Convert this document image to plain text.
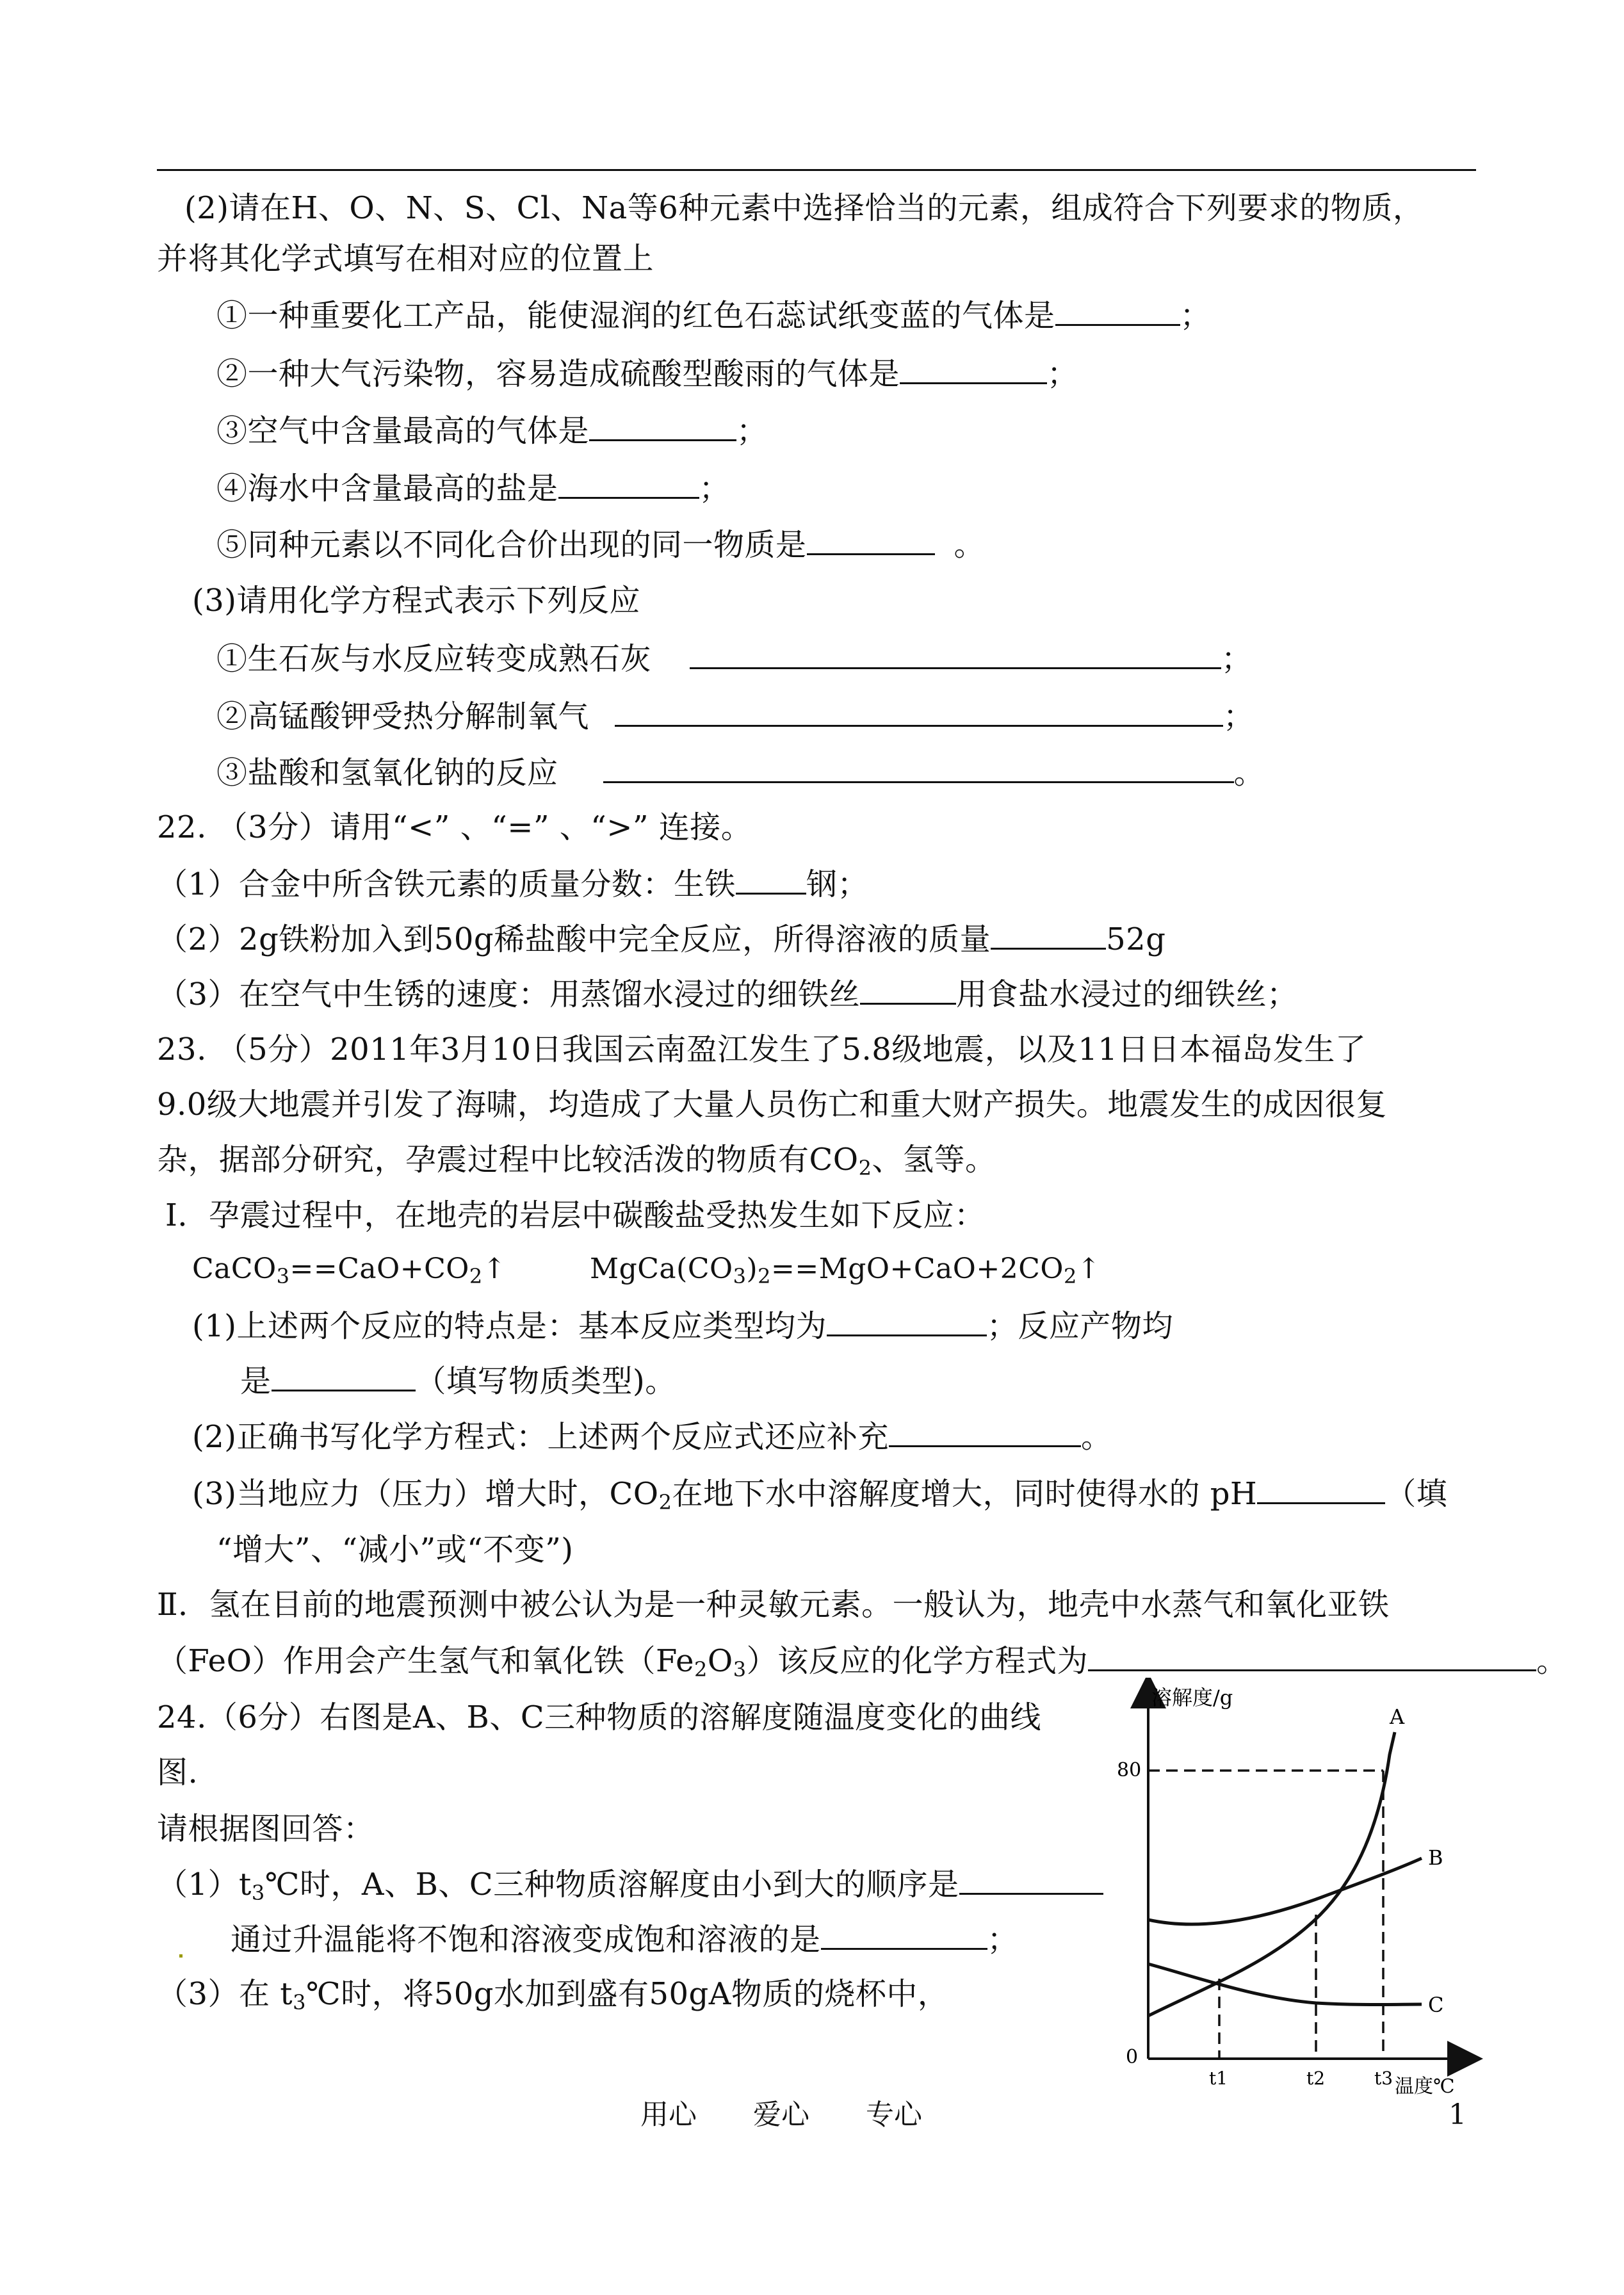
(2)请在H、O、N、S、Cl、Na等6种元素中选择恰当的元素，组成符合下列要求的物质，
并将其化学式填写在相对应的位置上
①一种重要化工产品，能使湿润的红色石蕊试纸变蓝的气体是	；
②一种大气污染物，容易造成硫酸型酸雨的气体是	；
③空气中含量最高的气体是	；
④海水中含量最高的盐是	；
⑤同种元素以不同化合价出现的同一物质是	。
(3)请用化学方程式表示下列反应
①生石灰与水反应转变成熟石灰	；
②高锰酸钾受热分解制氧气	；
③盐酸和氢氧化钠的反应	。
22. （3分）请用“<” 、“=” 、“>” 连接。
（1）合金中所含铁元素的质量分数：生铁 钢；
（2）2g铁粉加入到50g稀盐酸中完全反应，所得溶液的质量	52g
（3）在空气中生锈的速度：用蒸馏水浸过的细铁丝	用食盐水浸过的细铁丝；
23. （5分）2011年3月10日我国云南盈江发生了5.8级地震，以及11日日本福岛发生了
9.0级大地震并引发了海啸，均造成了大量人员伤亡和重大财产损失。地震发生的成因很复
杂，据部分研究，孕震过程中比较活泼的物质有$CO_2$、氢等。
Ⅰ．孕震过程中，在地壳的岩层中碳酸盐受热发生如下反应：
$CaCO_3==CaO+CO_2↑$	$MgCa(CO_3)_2==MgO+CaO+2CO_2↑$
(1)上述两个反应的特点是：基本反应类型均为	；反应产物均
是	（填写物质类型)。
(2)正确书写化学方程式：上述两个反应式还应补充	。
(3)当地应力（压力）增大时，$CO_2$在地下水中溶解度增大，同时使得水的 pH	（填
“增大”、“减小”或“不变”)
Ⅱ．氢在目前的地震预测中被公认为是一种灵敏元素。一般认为，地壳中水蒸气和氧化亚铁
（FeO）作用会产生氢气和氧化铁$(Fe_2O_3)$该反应的化学方程式为	。
24.（6分）右图是A、B、C三种物质的溶解度随温度变化的曲线
图.
请根据图回答：
$(1)t_3℃$时，A、B、C三种物质溶解度由小到大的顺序是
通过升温能将不饱和溶液变成饱和溶液的是	；
（3）在 $t_3℃$时，将50g水加到盛有50gA物质的烧杯中，
溶解度/g
温度℃
0
80
A
B
C
t1	t2	t3
用心　　爱心　　专心	1
